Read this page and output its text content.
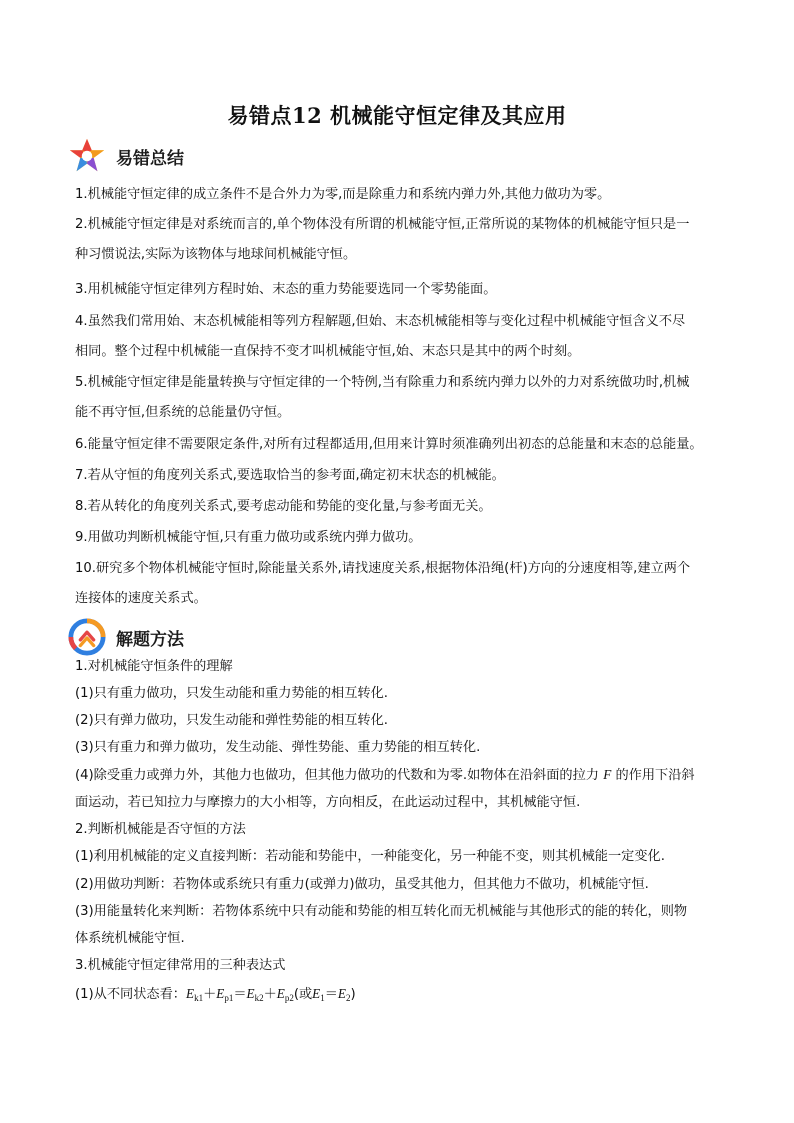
易错点12 机械能守恒定律及其应用
易错总结
1.机械能守恒定律的成立条件不是合外力为零,而是除重力和系统内弹力外,其他力做功为零。
2.机械能守恒定律是对系统而言的,单个物体没有所谓的机械能守恒,正常所说的某物体的机械能守恒只是一
种习惯说法,实际为该物体与地球间机械能守恒。
3.用机械能守恒定律列方程时始、末态的重力势能要选同一个零势能面。
4.虽然我们常用始、末态机械能相等列方程解题,但始、末态机械能相等与变化过程中机械能守恒含义不尽
相同。整个过程中机械能一直保持不变才叫机械能守恒,始、末态只是其中的两个时刻。
5.机械能守恒定律是能量转换与守恒定律的一个特例,当有除重力和系统内弹力以外的力对系统做功时,机械
能不再守恒,但系统的总能量仍守恒。
6.能量守恒定律不需要限定条件,对所有过程都适用,但用来计算时须准确列出初态的总能量和末态的总能量。
7.若从守恒的角度列关系式,要选取恰当的参考面,确定初末状态的机械能。
8.若从转化的角度列关系式,要考虑动能和势能的变化量,与参考面无关。
9.用做功判断机械能守恒,只有重力做功或系统内弹力做功。
10.研究多个物体机械能守恒时,除能量关系外,请找速度关系,根据物体沿绳(杆)方向的分速度相等,建立两个
连接体的速度关系式。
解题方法
1.对机械能守恒条件的理解
(1)只有重力做功，只发生动能和重力势能的相互转化.
(2)只有弹力做功，只发生动能和弹性势能的相互转化.
(3)只有重力和弹力做功，发生动能、弹性势能、重力势能的相互转化.
(4)除受重力或弹力外，其他力也做功，但其他力做功的代数和为零.如物体在沿斜面的拉力 F 的作用下沿斜
面运动，若已知拉力与摩擦力的大小相等，方向相反，在此运动过程中，其机械能守恒.
2.判断机械能是否守恒的方法
(1)利用机械能的定义直接判断：若动能和势能中，一种能变化，另一种能不变，则其机械能一定变化.
(2)用做功判断：若物体或系统只有重力(或弹力)做功，虽受其他力，但其他力不做功，机械能守恒.
(3)用能量转化来判断：若物体系统中只有动能和势能的相互转化而无机械能与其他形式的能的转化，则物
体系统机械能守恒.
3.机械能守恒定律常用的三种表达式
(1)从不同状态看：$E_{k1}+E_{p1}=E_{k2}+E_{p2}$(或$E_1=E_2$)
